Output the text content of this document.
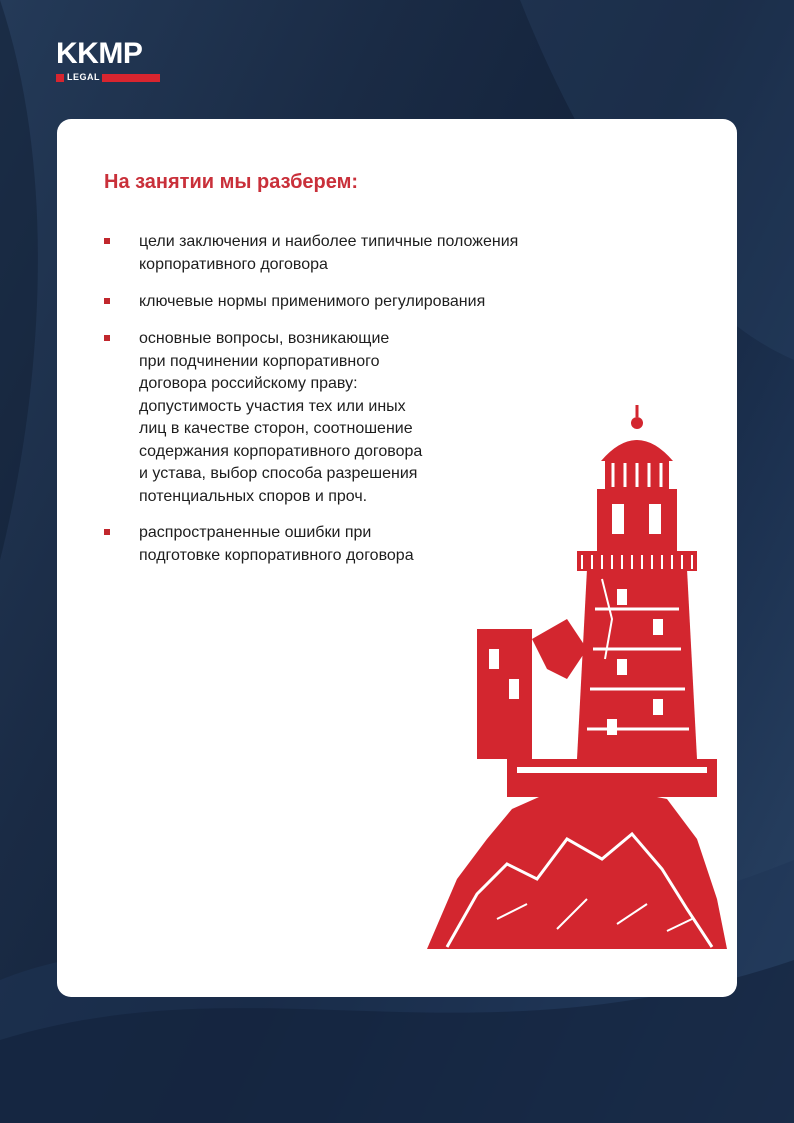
KKMP
LEGAL
На занятии мы разберем:
цели заключения и наиболее типичные положения
корпоративного договора
ключевые нормы применимого регулирования
основные вопросы, возникающие
при подчинении корпоративного
договора российскому праву:
допустимость участия тех или иных
лиц в качестве сторон, соотношение
содержания корпоративного договора
и устава, выбор способа разрешения
потенциальных споров и проч.
распространенные ошибки при
подготовке корпоративного договора
